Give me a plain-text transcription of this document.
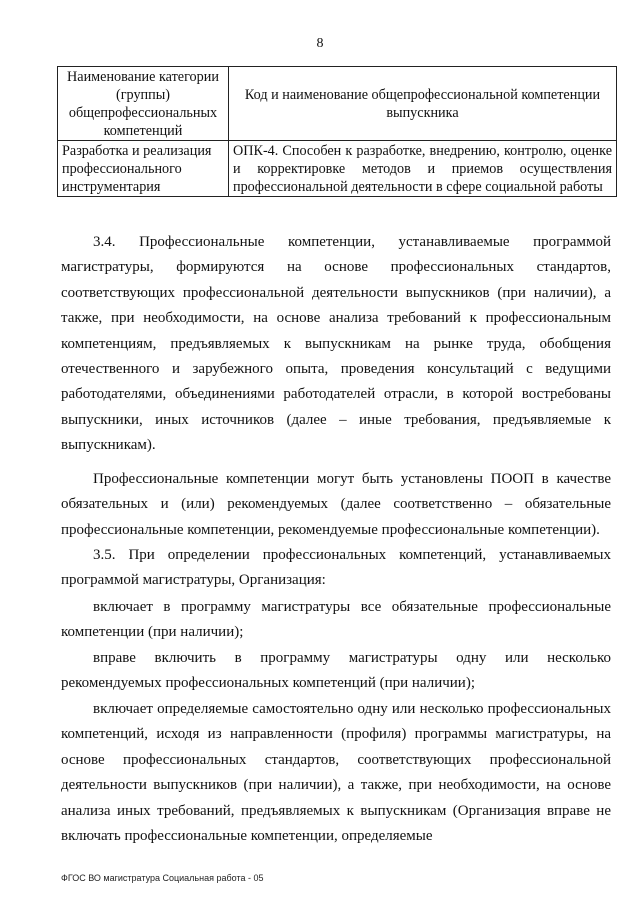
8
Наименование категории (группы) общепрофессиональных компетенций	Код и наименование общепрофессиональной компетенции выпускника
Разработка и реализация профессионального инструментария	ОПК-4. Способен к разработке, внедрению, контролю, оценке и корректировке методов и приемов осуществления профессиональной деятельности в сфере социальной работы

3.4. Профессиональные компетенции, устанавливаемые программой магистратуры, формируются на основе профессиональных стандартов, соответствующих профессиональной деятельности выпускников (при наличии), а также, при необходимости, на основе анализа требований к профессиональным компетенциям, предъявляемых к выпускникам на рынке труда, обобщения отечественного и зарубежного опыта, проведения консультаций с ведущими работодателями, объединениями работодателей отрасли, в которой востребованы выпускники, иных источников (далее – иные требования, предъявляемые к выпускникам).

Профессиональные компетенции могут быть установлены ПООП в качестве обязательных и (или) рекомендуемых (далее соответственно – обязательные профессиональные компетенции, рекомендуемые профессиональные компетенции).

3.5. При определении профессиональных компетенций, устанавливаемых программой магистратуры, Организация:

включает в программу магистратуры все обязательные профессиональные компетенции (при наличии);

вправе включить в программу магистратуры одну или несколько рекомендуемых профессиональных компетенций (при наличии);

включает определяемые самостоятельно одну или несколько профессиональных компетенций, исходя из направленности (профиля) программы магистратуры, на основе профессиональных стандартов, соответствующих профессиональной деятельности выпускников (при наличии), а также, при необходимости, на основе анализа иных требований, предъявляемых к выпускникам (Организация вправе не включать профессиональные компетенции, определяемые

ФГОС ВО магистратура Социальная работа - 05
